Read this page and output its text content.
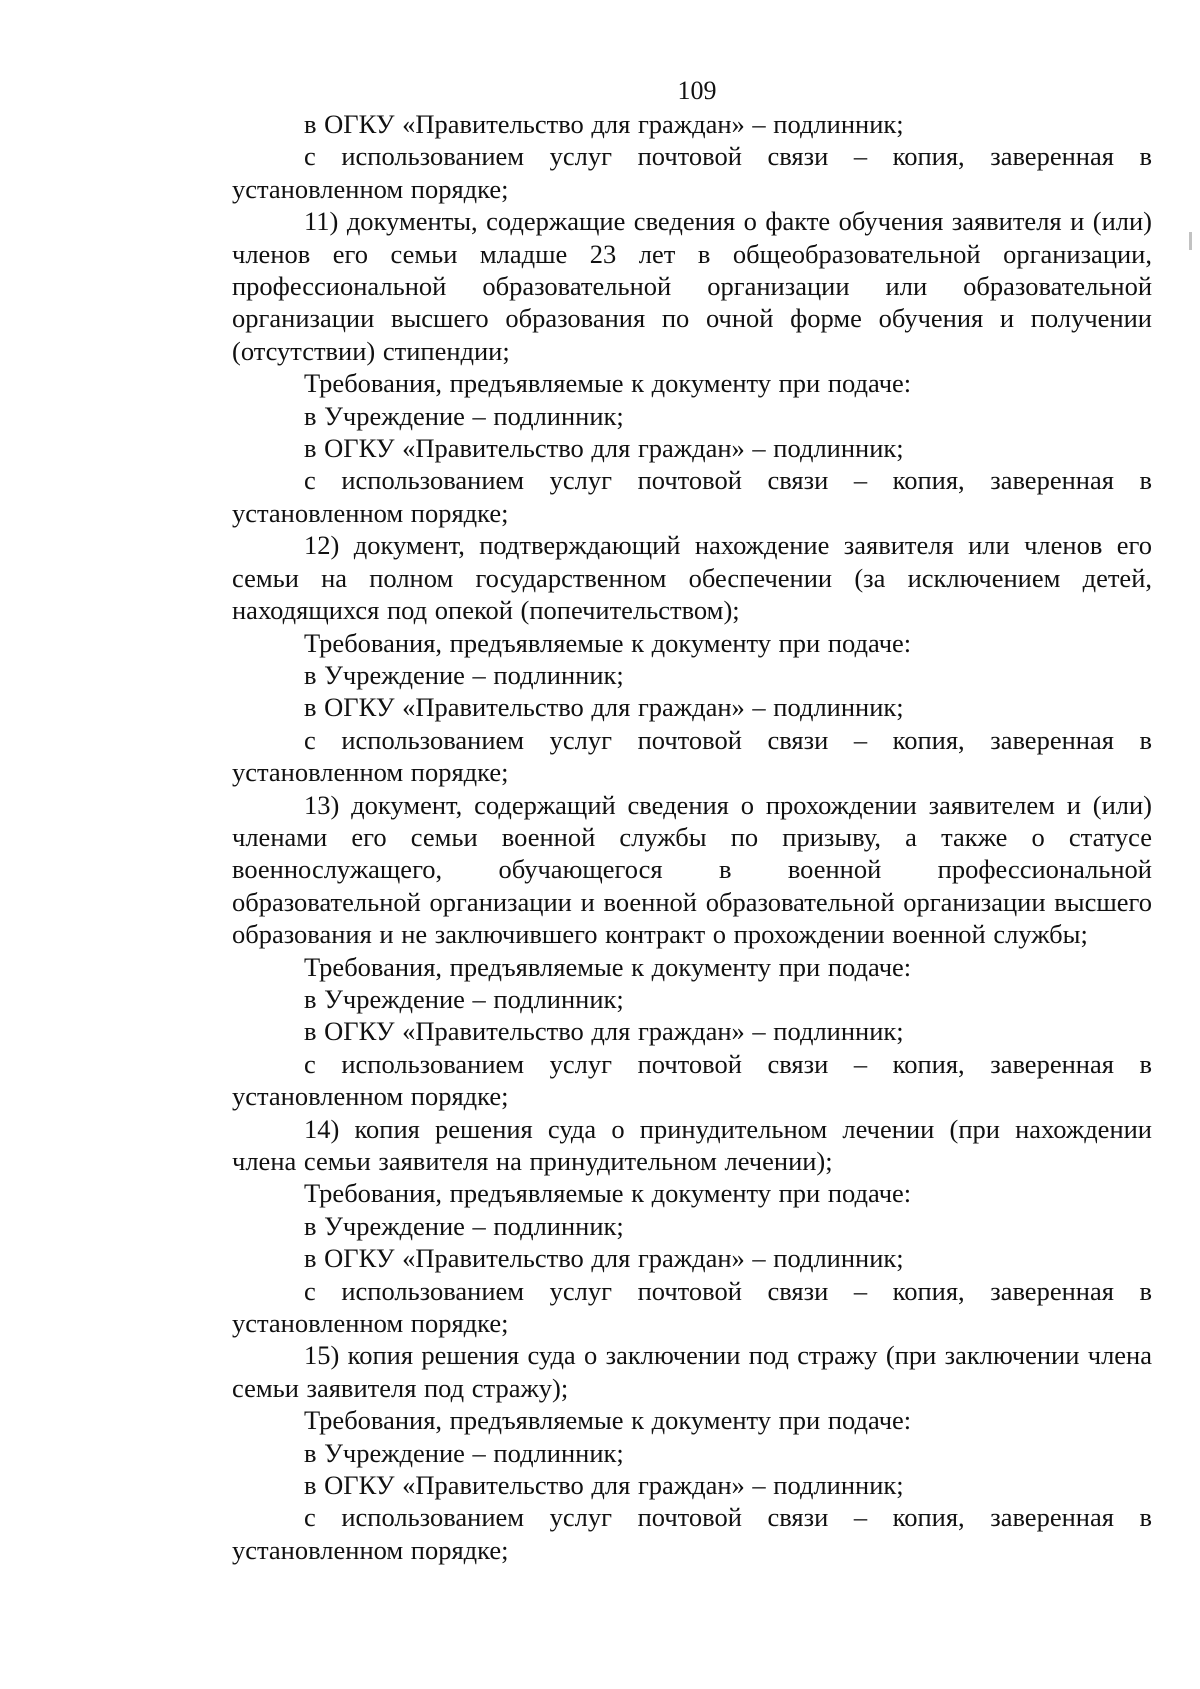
109

в ОГКУ «Правительство для граждан» – подлинник;

с использованием услуг почтовой связи – копия, заверенная в установленном порядке;

11) документы, содержащие сведения о факте обучения заявителя и (или) членов его семьи младше 23 лет в общеобразовательной организации, профессиональной образовательной организации или образовательной организации высшего образования по очной форме обучения и получении (отсутствии) стипендии;

Требования, предъявляемые к документу при подаче:

в Учреждение – подлинник;

в ОГКУ «Правительство для граждан» – подлинник;

с использованием услуг почтовой связи – копия, заверенная в установленном порядке;

12) документ, подтверждающий нахождение заявителя или членов его семьи на полном государственном обеспечении (за исключением детей, находящихся под опекой (попечительством);

Требования, предъявляемые к документу при подаче:

в Учреждение – подлинник;

в ОГКУ «Правительство для граждан» – подлинник;

с использованием услуг почтовой связи – копия, заверенная в установленном порядке;

13) документ, содержащий сведения о прохождении заявителем и (или) членами его семьи военной службы по призыву, а также о статусе военнослужащего, обучающегося в военной профессиональной образовательной организации и военной образовательной организации высшего образования и не заключившего контракт о прохождении военной службы;

Требования, предъявляемые к документу при подаче:

в Учреждение – подлинник;

в ОГКУ «Правительство для граждан» – подлинник;

с использованием услуг почтовой связи – копия, заверенная в установленном порядке;

14) копия решения суда о принудительном лечении (при нахождении члена семьи заявителя на принудительном лечении);

Требования, предъявляемые к документу при подаче:

в Учреждение – подлинник;

в ОГКУ «Правительство для граждан» – подлинник;

с использованием услуг почтовой связи – копия, заверенная в установленном порядке;

15) копия решения суда о заключении под стражу (при заключении члена семьи заявителя под стражу);

Требования, предъявляемые к документу при подаче:

в Учреждение – подлинник;

в ОГКУ «Правительство для граждан» – подлинник;

с использованием услуг почтовой связи – копия, заверенная в установленном порядке;
